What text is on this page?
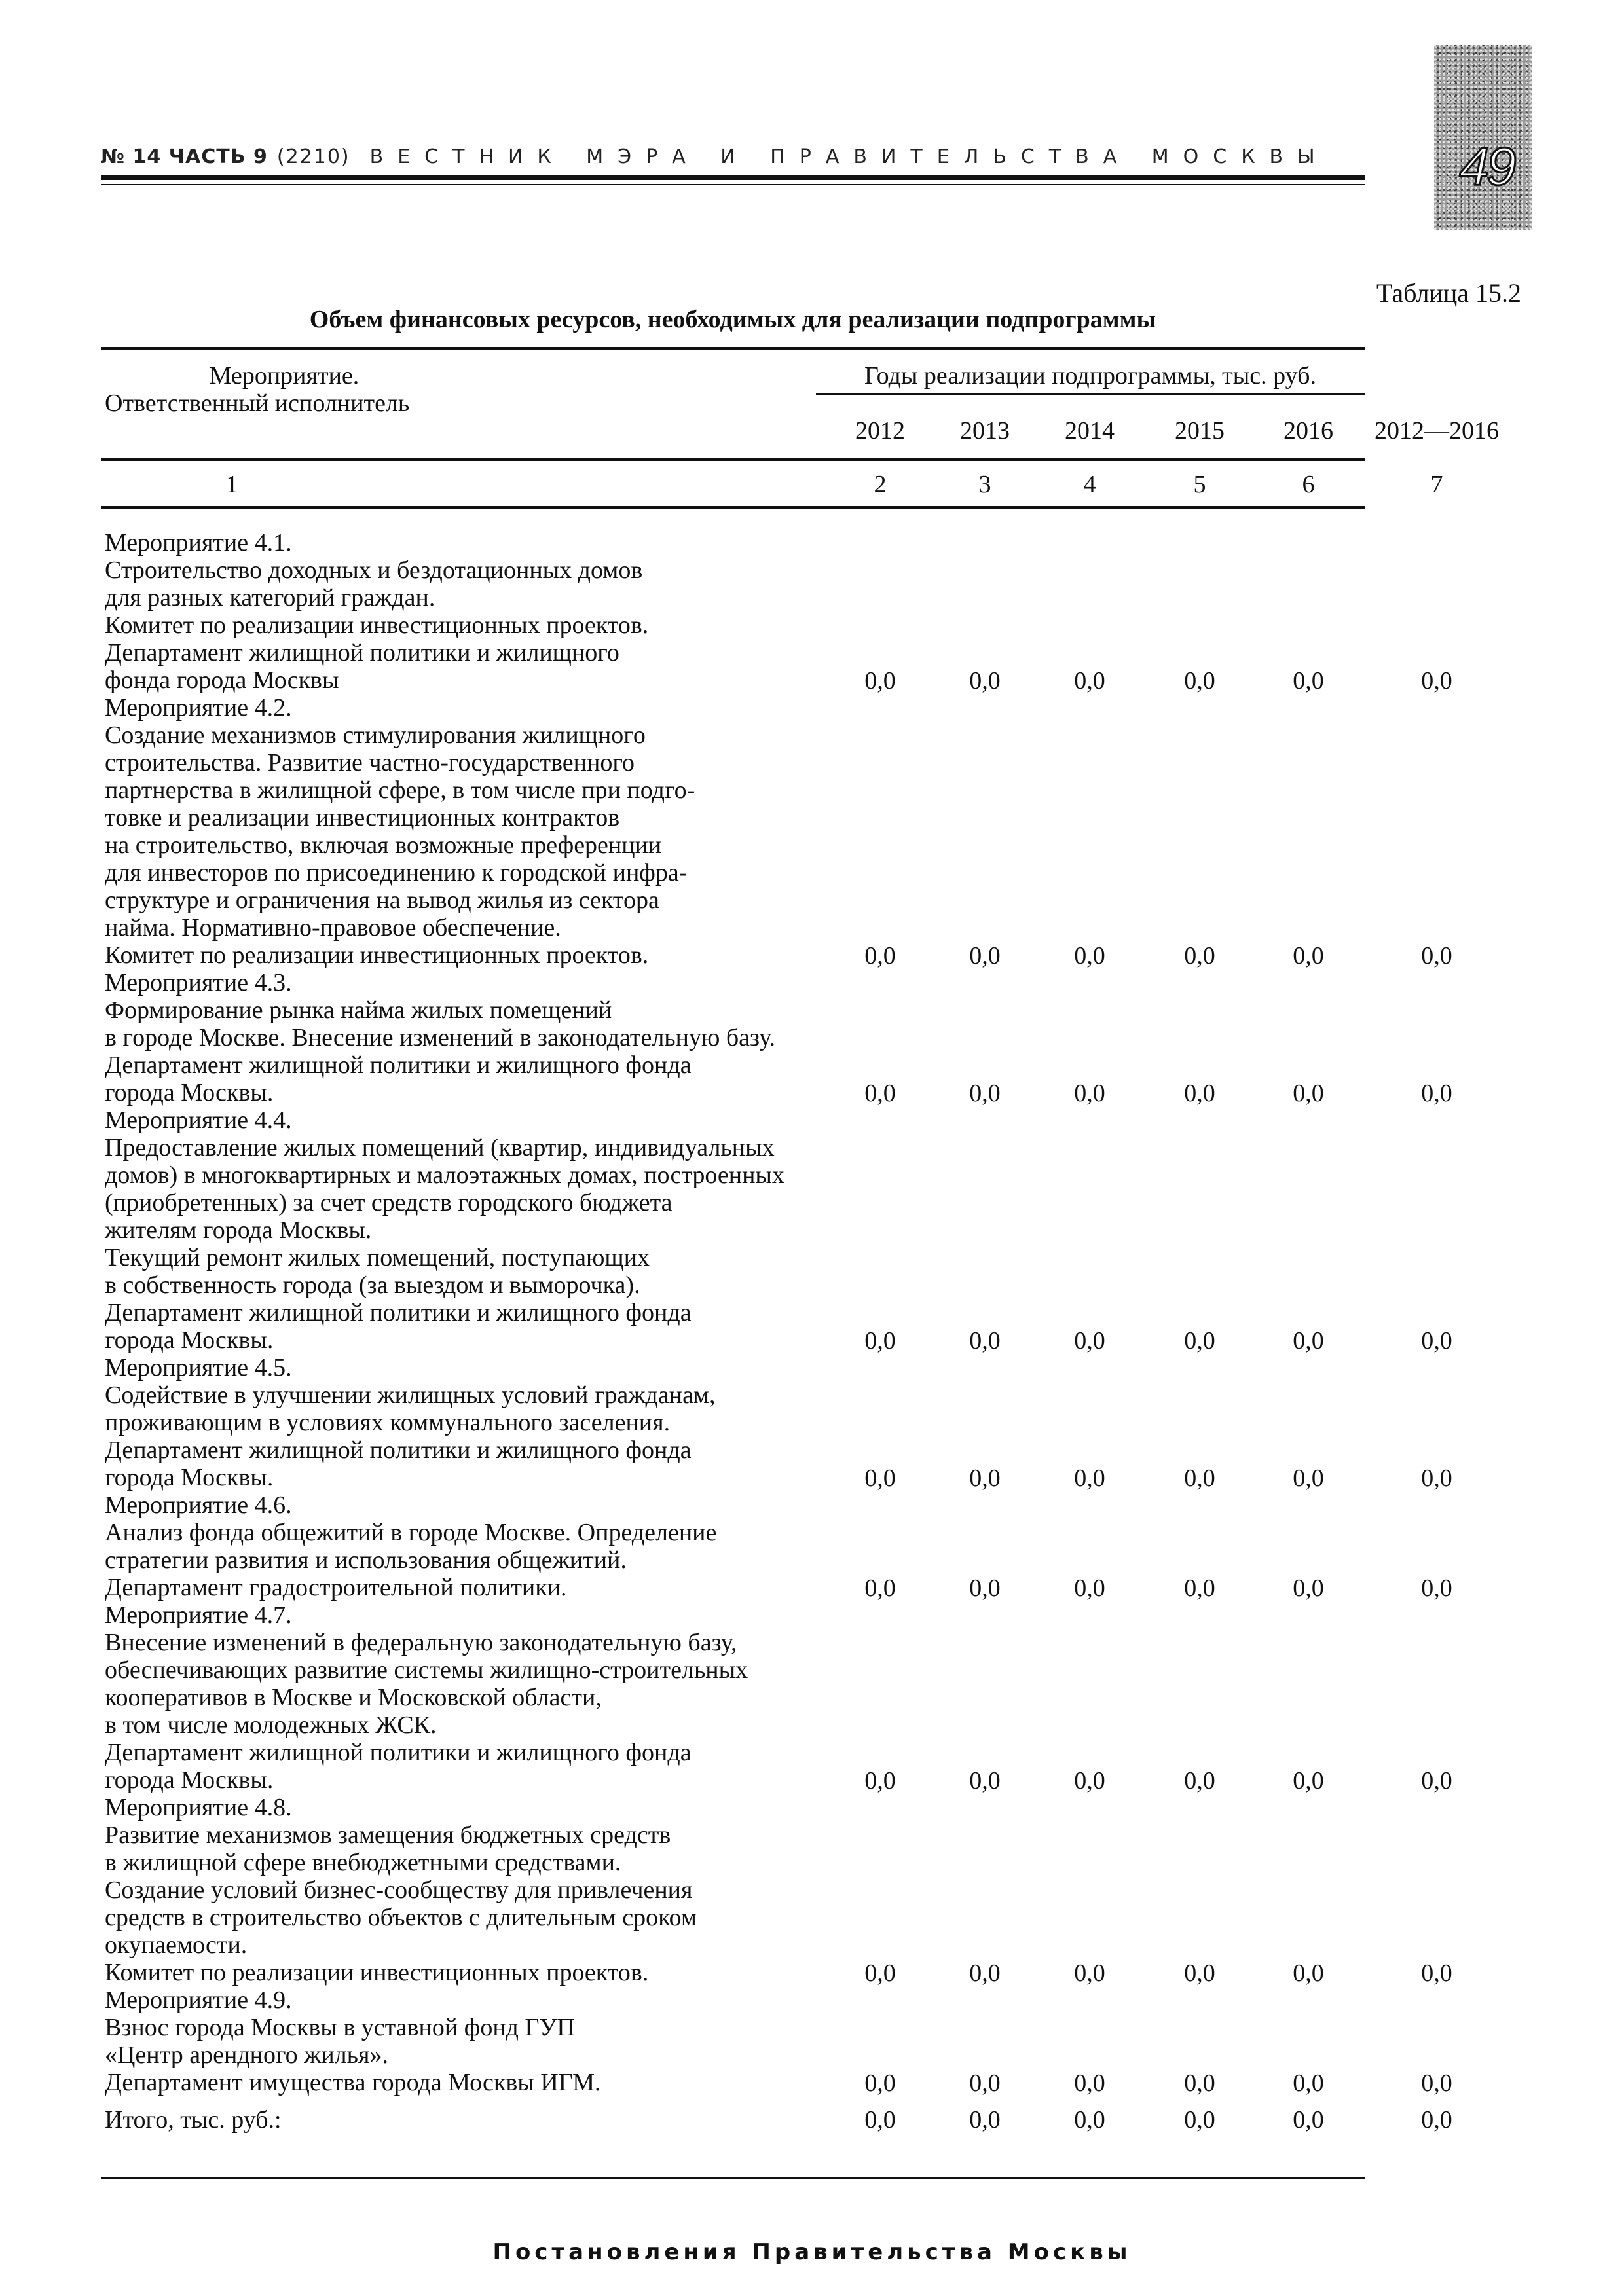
№ 14 ЧАСТЬ 9 (2210) ВЕСТНИК МЭРА И ПРАВИТЕЛЬСТВА МОСКВЫ	49
Таблица 15.2
Объем финансовых ресурсов, необходимых для реализации подпрограммы
Мероприятие.
Ответственный исполнитель
Годы реализации подпрограммы, тыс. руб.
2012	2013	2014	2015	2016	2012—2016
1	2	3	4	5	6	7
Мероприятие 4.1.
Строительство доходных и бездотационных домов
для разных категорий граждан.
Комитет по реализации инвестиционных проектов.
Департамент жилищной политики и жилищного
фонда города Москвы	0,0	0,0	0,0	0,0	0,0	0,0
Мероприятие 4.2.
Создание механизмов стимулирования жилищного
строительства. Развитие частно-государственного
партнерства в жилищной сфере, в том числе при подго-
товке и реализации инвестиционных контрактов
на строительство, включая возможные преференции
для инвесторов по присоединению к городской инфра-
структуре и ограничения на вывод жилья из сектора
найма. Нормативно-правовое обеспечение.
Комитет по реализации инвестиционных проектов.	0,0	0,0	0,0	0,0	0,0	0,0
Мероприятие 4.3.
Формирование рынка найма жилых помещений
в городе Москве. Внесение изменений в законодательную базу.
Департамент жилищной политики и жилищного фонда
города Москвы.	0,0	0,0	0,0	0,0	0,0	0,0
Мероприятие 4.4.
Предоставление жилых помещений (квартир, индивидуальных
домов) в многоквартирных и малоэтажных домах, построенных
(приобретенных) за счет средств городского бюджета
жителям города Москвы.
Текущий ремонт жилых помещений, поступающих
в собственность города (за выездом и выморочка).
Департамент жилищной политики и жилищного фонда
города Москвы.	0,0	0,0	0,0	0,0	0,0	0,0
Мероприятие 4.5.
Содействие в улучшении жилищных условий гражданам,
проживающим в условиях коммунального заселения.
Департамент жилищной политики и жилищного фонда
города Москвы.	0,0	0,0	0,0	0,0	0,0	0,0
Мероприятие 4.6.
Анализ фонда общежитий в городе Москве. Определение
стратегии развития и использования общежитий.
Департамент градостроительной политики.	0,0	0,0	0,0	0,0	0,0	0,0
Мероприятие 4.7.
Внесение изменений в федеральную законодательную базу,
обеспечивающих развитие системы жилищно-строительных
кооперативов в Москве и Московской области,
в том числе молодежных ЖСК.
Департамент жилищной политики и жилищного фонда
города Москвы.	0,0	0,0	0,0	0,0	0,0	0,0
Мероприятие 4.8.
Развитие механизмов замещения бюджетных средств
в жилищной сфере внебюджетными средствами.
Создание условий бизнес-сообществу для привлечения
средств в строительство объектов с длительным сроком
окупаемости.
Комитет по реализации инвестиционных проектов.	0,0	0,0	0,0	0,0	0,0	0,0
Мероприятие 4.9.
Взнос города Москвы в уставной фонд ГУП
«Центр арендного жилья».
Департамент имущества города Москвы ИГМ.	0,0	0,0	0,0	0,0	0,0	0,0
Итого, тыс. руб.:	0,0	0,0	0,0	0,0	0,0	0,0
Постановления Правительства Москвы
